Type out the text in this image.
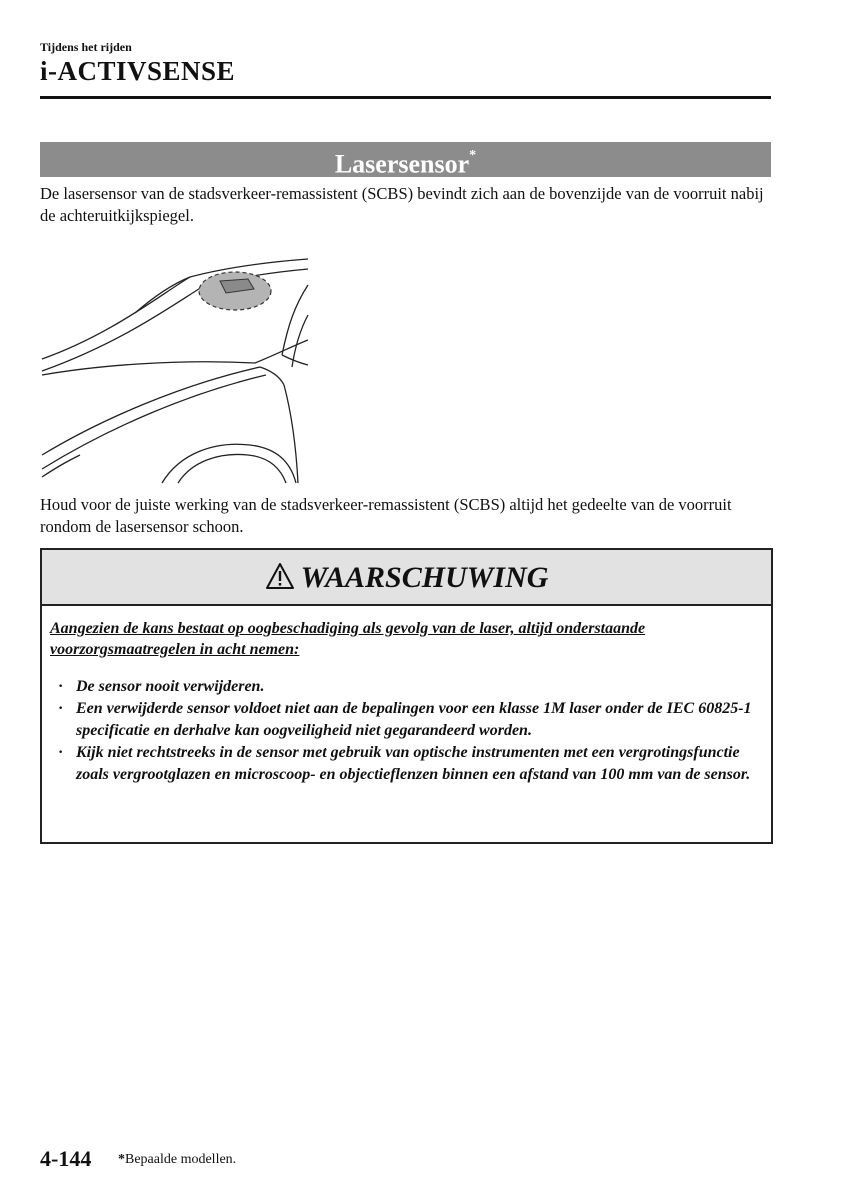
Tijdens het rijden
i-ACTIVSENSE
Lasersensor*
De lasersensor van de stadsverkeer-remassistent (SCBS) bevindt zich aan de bovenzijde van de voorruit nabij de achteruitkijkspiegel.
Houd voor de juiste werking van de stadsverkeer-remassistent (SCBS) altijd het gedeelte van de voorruit rondom de lasersensor schoon.
WAARSCHUWING
Aangezien de kans bestaat op oogbeschadiging als gevolg van de laser, altijd onderstaande voorzorgsmaatregelen in acht nemen:
· De sensor nooit verwijderen.
· Een verwijderde sensor voldoet niet aan de bepalingen voor een klasse 1M laser onder de IEC 60825-1 specificatie en derhalve kan oogveiligheid niet gegarandeerd worden.
· Kijk niet rechtstreeks in de sensor met gebruik van optische instrumenten met een vergrotingsfunctie zoals vergrootglazen en microscoop- en objectieflenzen binnen een afstand van 100 mm van de sensor.
4-144 *Bepaalde modellen.
